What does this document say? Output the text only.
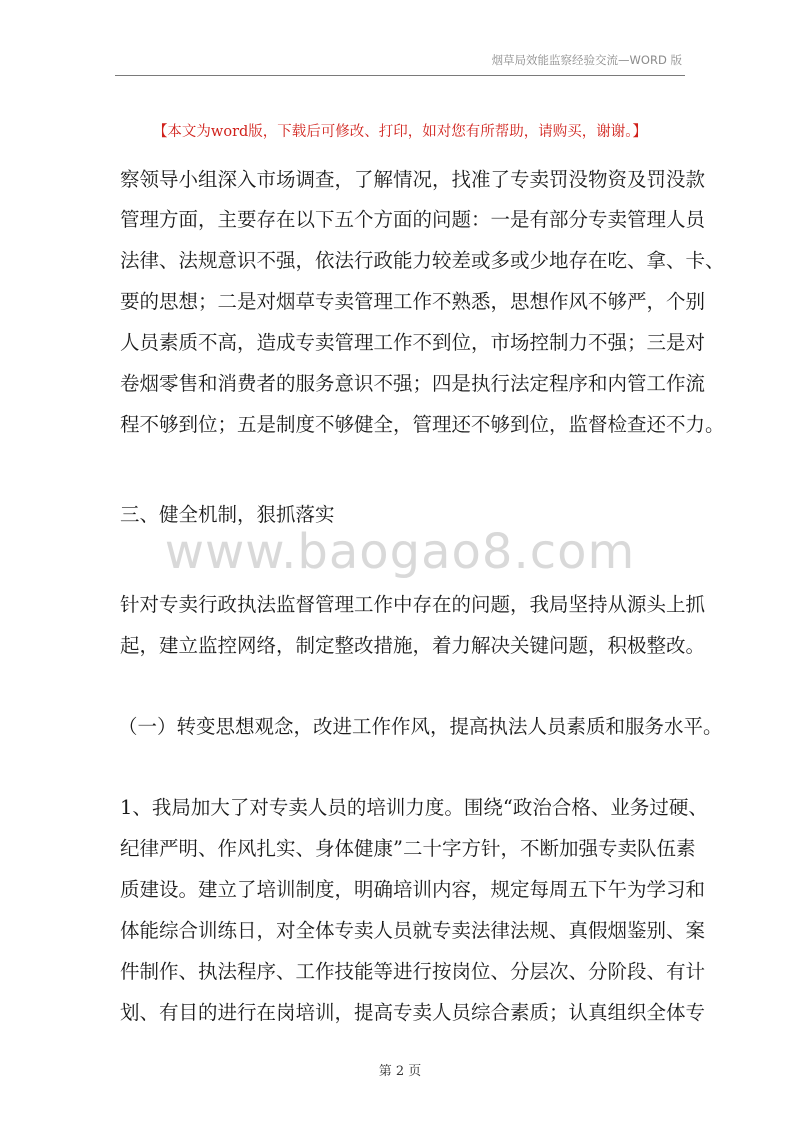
烟草局效能监察经验交流—WORD 版
【本文为word版，下载后可修改、打印，如对您有所帮助，请购买，谢谢。】
www.baogao8.com
察领导小组深入市场调查，了解情况，找准了专卖罚没物资及罚没款
管理方面，主要存在以下五个方面的问题：一是有部分专卖管理人员
法律、法规意识不强，依法行政能力较差或多或少地存在吃、拿、卡、
要的思想；二是对烟草专卖管理工作不熟悉，思想作风不够严，个别
人员素质不高，造成专卖管理工作不到位，市场控制力不强；三是对
卷烟零售和消费者的服务意识不强；四是执行法定程序和内管工作流
程不够到位；五是制度不够健全，管理还不够到位，监督检查还不力。
三、健全机制，狠抓落实
针对专卖行政执法监督管理工作中存在的问题，我局坚持从源头上抓
起，建立监控网络，制定整改措施，着力解决关键问题，积极整改。
（一）转变思想观念，改进工作作风，提高执法人员素质和服务水平。
1、我局加大了对专卖人员的培训力度。围绕“政治合格、业务过硬、
纪律严明、作风扎实、身体健康”二十字方针，不断加强专卖队伍素
质建设。建立了培训制度，明确培训内容，规定每周五下午为学习和
体能综合训练日，对全体专卖人员就专卖法律法规、真假烟鉴别、案
件制作、执法程序、工作技能等进行按岗位、分层次、分阶段、有计
划、有目的进行在岗培训，提高专卖人员综合素质；认真组织全体专
第 2 页
